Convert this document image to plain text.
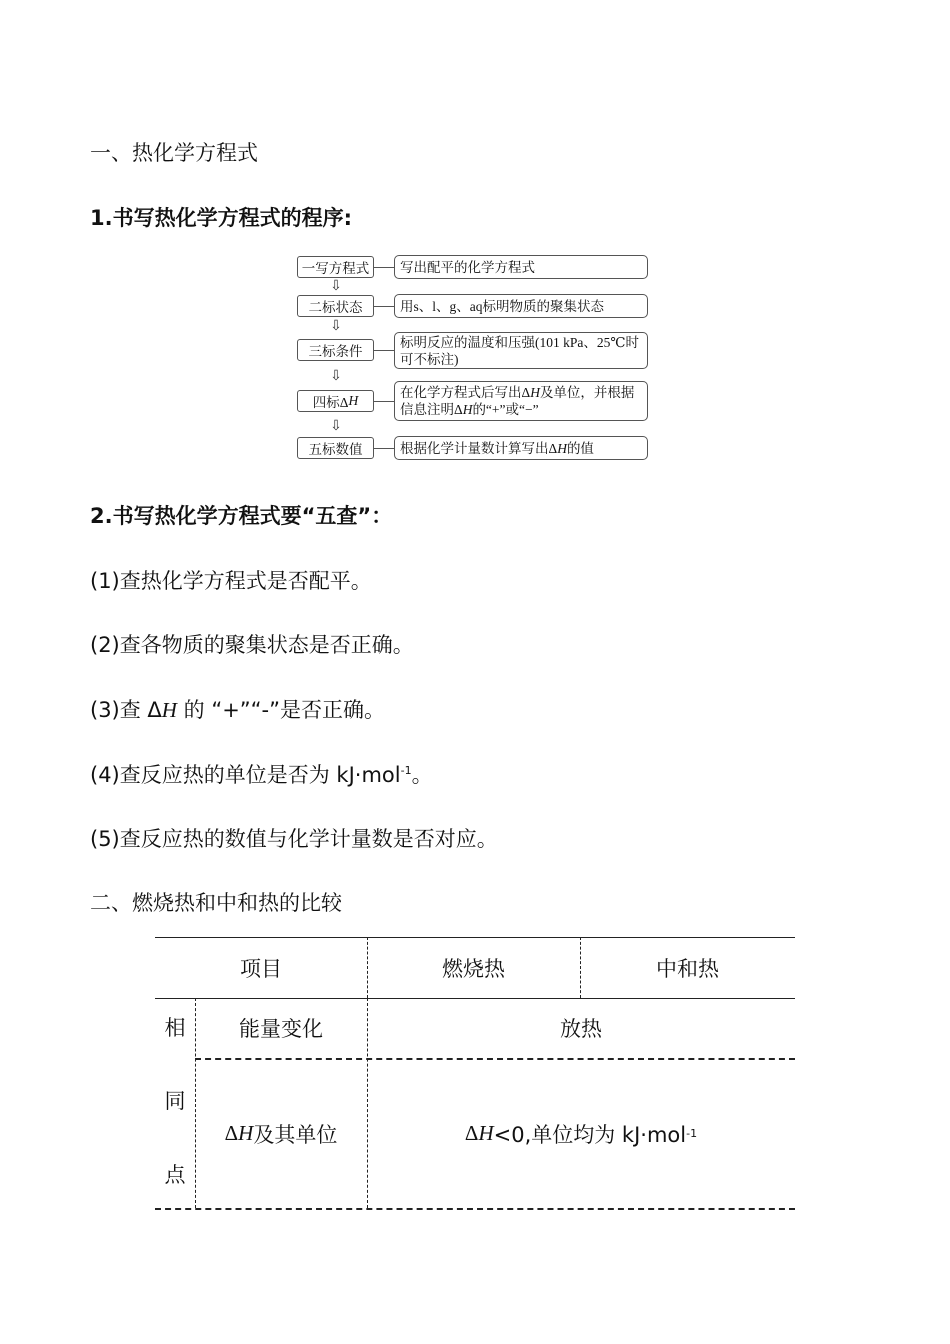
一、热化学方程式
1.书写热化学方程式的程序:
一写方程式	写出配平的化学方程式
⇩
二标状态	用s、l、g、aq标明物质的聚集状态
⇩
三标条件
标明反应的温度和压强(101 kPa、25℃时可不标注)
⇩
四标Δ H
在化学方程式后写出ΔH及单位，并根据信息注明ΔH的“+”或“−”
⇩
五标数值	根据化学计量数计算写出Δ H 的值
2.书写热化学方程式要“五查”：
(1)查热化学方程式是否配平。
(2)查各物质的聚集状态是否正确。
(3)查 ΔH 的 “+”“-”是否正确。
(4)查反应热的单位是否为 kJ·mol$^{-1}$。
(5)查反应热的数值与化学计量数是否对应。
二、燃烧热和中和热的比较
项目	燃烧热	中和热
相
同
点
能量变化	放热
Δ H 及其单位	Δ H <0,单位均为 kJ·mol -1
